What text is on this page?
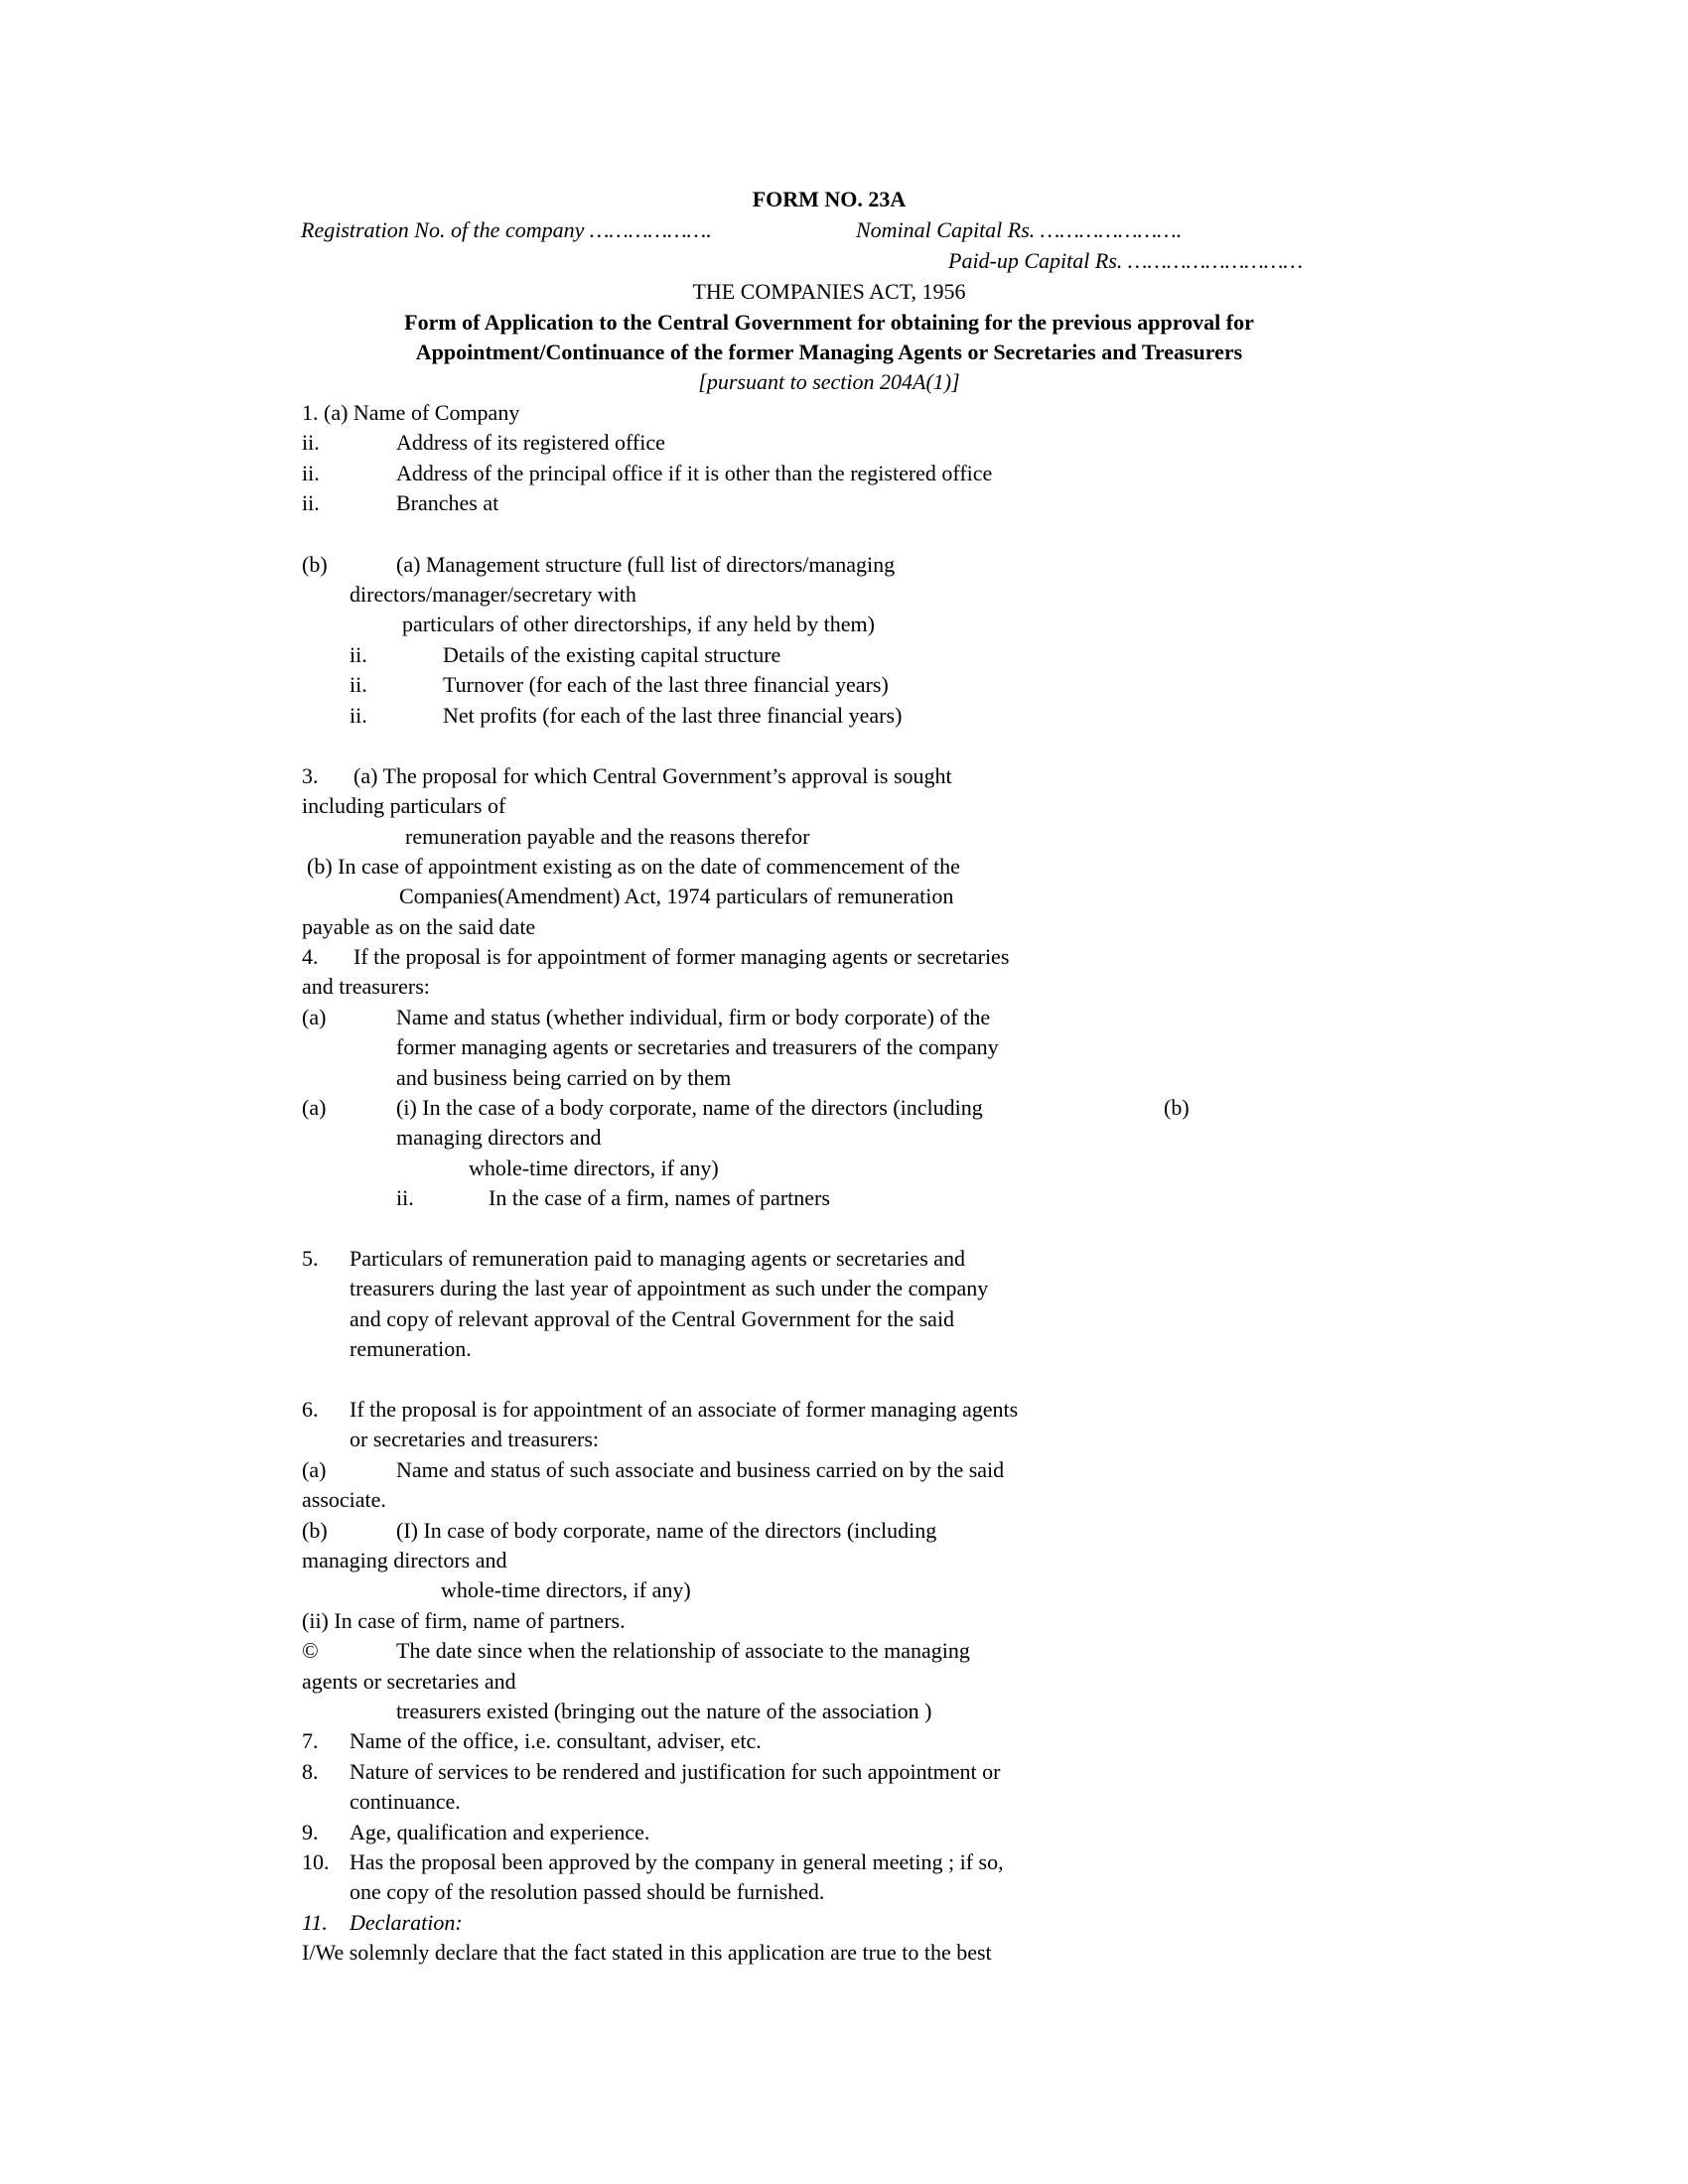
FORM NO. 23A
Registration No. of the company ……………….	Nominal Capital Rs. ………………….
Paid-up Capital Rs. ………………………
THE COMPANIES ACT, 1956
Form of Application to the Central Government for obtaining for the previous approval for
Appointment/Continuance of the former Managing Agents or Secretaries and Treasurers
[pursuant to section 204A(1)]
1. (a) Name of Company
ii.	Address of its registered office
ii.	Address of the principal office if it is other than the registered office
ii.	Branches at
(b)	(a) Management structure (full list of directors/managing
directors/manager/secretary with
particulars of other directorships, if any held by them)
ii.	Details of the existing capital structure
ii.	Turnover (for each of the last three financial years)
ii.	Net profits (for each of the last three financial years)
3. (a) The proposal for which Central Government’s approval is sought
including particulars of
remuneration payable and the reasons therefor
(b) In case of appointment existing as on the date of commencement of the
Companies(Amendment) Act, 1974 particulars of remuneration
payable as on the said date
4. If the proposal is for appointment of former managing agents or secretaries
and treasurers:
(a)	Name and status (whether individual, firm or body corporate) of the
former managing agents or secretaries and treasurers of the company
and business being carried on by them
(a)	(i) In the case of a body corporate, name of the directors (including	(b)
managing directors and
whole-time directors, if any)
ii.	In the case of a firm, names of partners
5. Particulars of remuneration paid to managing agents or secretaries and
treasurers during the last year of appointment as such under the company
and copy of relevant approval of the Central Government for the said
remuneration.
6. If the proposal is for appointment of an associate of former managing agents
or secretaries and treasurers:
(a)	Name and status of such associate and business carried on by the said
associate.
(b)	(I) In case of body corporate, name of the directors (including
managing directors and
whole-time directors, if any)
(ii) In case of firm, name of partners.
©	The date since when the relationship of associate to the managing
agents or secretaries and
treasurers existed (bringing out the nature of the association )
7. Name of the office, i.e. consultant, adviser, etc.
8. Nature of services to be rendered and justification for such appointment or
continuance.
9. Age, qualification and experience.
10. Has the proposal been approved by the company in general meeting ; if so,
one copy of the resolution passed should be furnished.
11. Declaration:
I/We solemnly declare that the fact stated in this application are true to the best
